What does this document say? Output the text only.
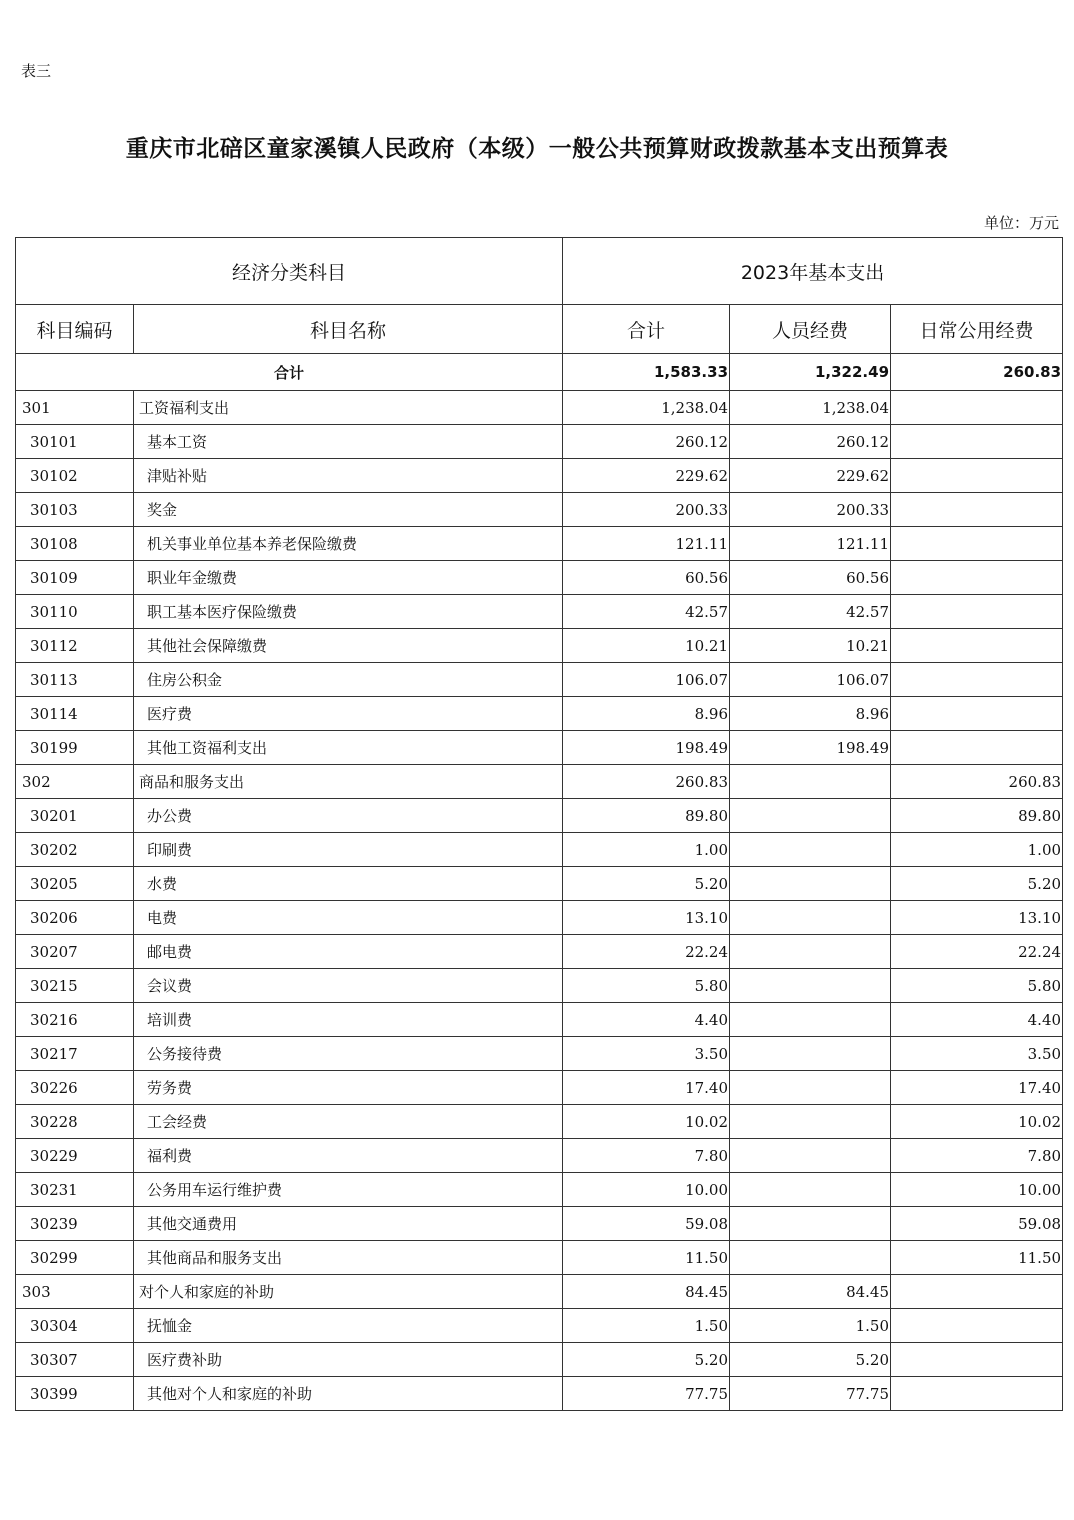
表三
重庆市北碚区童家溪镇人民政府（本级）一般公共预算财政拨款基本支出预算表
单位：万元
经济分类科目		2023年基本支出		
科目编码	科目名称	合计	人员经费	日常公用经费
合计		1,583.33	1,322.49	260.83
301	工资福利支出	1,238.04	1,238.04	
30101	基本工资	260.12	260.12	
30102	津贴补贴	229.62	229.62	
30103	奖金	200.33	200.33	
30108	机关事业单位基本养老保险缴费	121.11	121.11	
30109	职业年金缴费	60.56	60.56	
30110	职工基本医疗保险缴费	42.57	42.57	
30112	其他社会保障缴费	10.21	10.21	
30113	住房公积金	106.07	106.07	
30114	医疗费	8.96	8.96	
30199	其他工资福利支出	198.49	198.49	
302	商品和服务支出	260.83		260.83
30201	办公费	89.80		89.80
30202	印刷费	1.00		1.00
30205	水费	5.20		5.20
30206	电费	13.10		13.10
30207	邮电费	22.24		22.24
30215	会议费	5.80		5.80
30216	培训费	4.40		4.40
30217	公务接待费	3.50		3.50
30226	劳务费	17.40		17.40
30228	工会经费	10.02		10.02
30229	福利费	7.80		7.80
30231	公务用车运行维护费	10.00		10.00
30239	其他交通费用	59.08		59.08
30299	其他商品和服务支出	11.50		11.50
303	对个人和家庭的补助	84.45	84.45	
30304	抚恤金	1.50	1.50	
30307	医疗费补助	5.20	5.20	
30399	其他对个人和家庭的补助	77.75	77.75	
